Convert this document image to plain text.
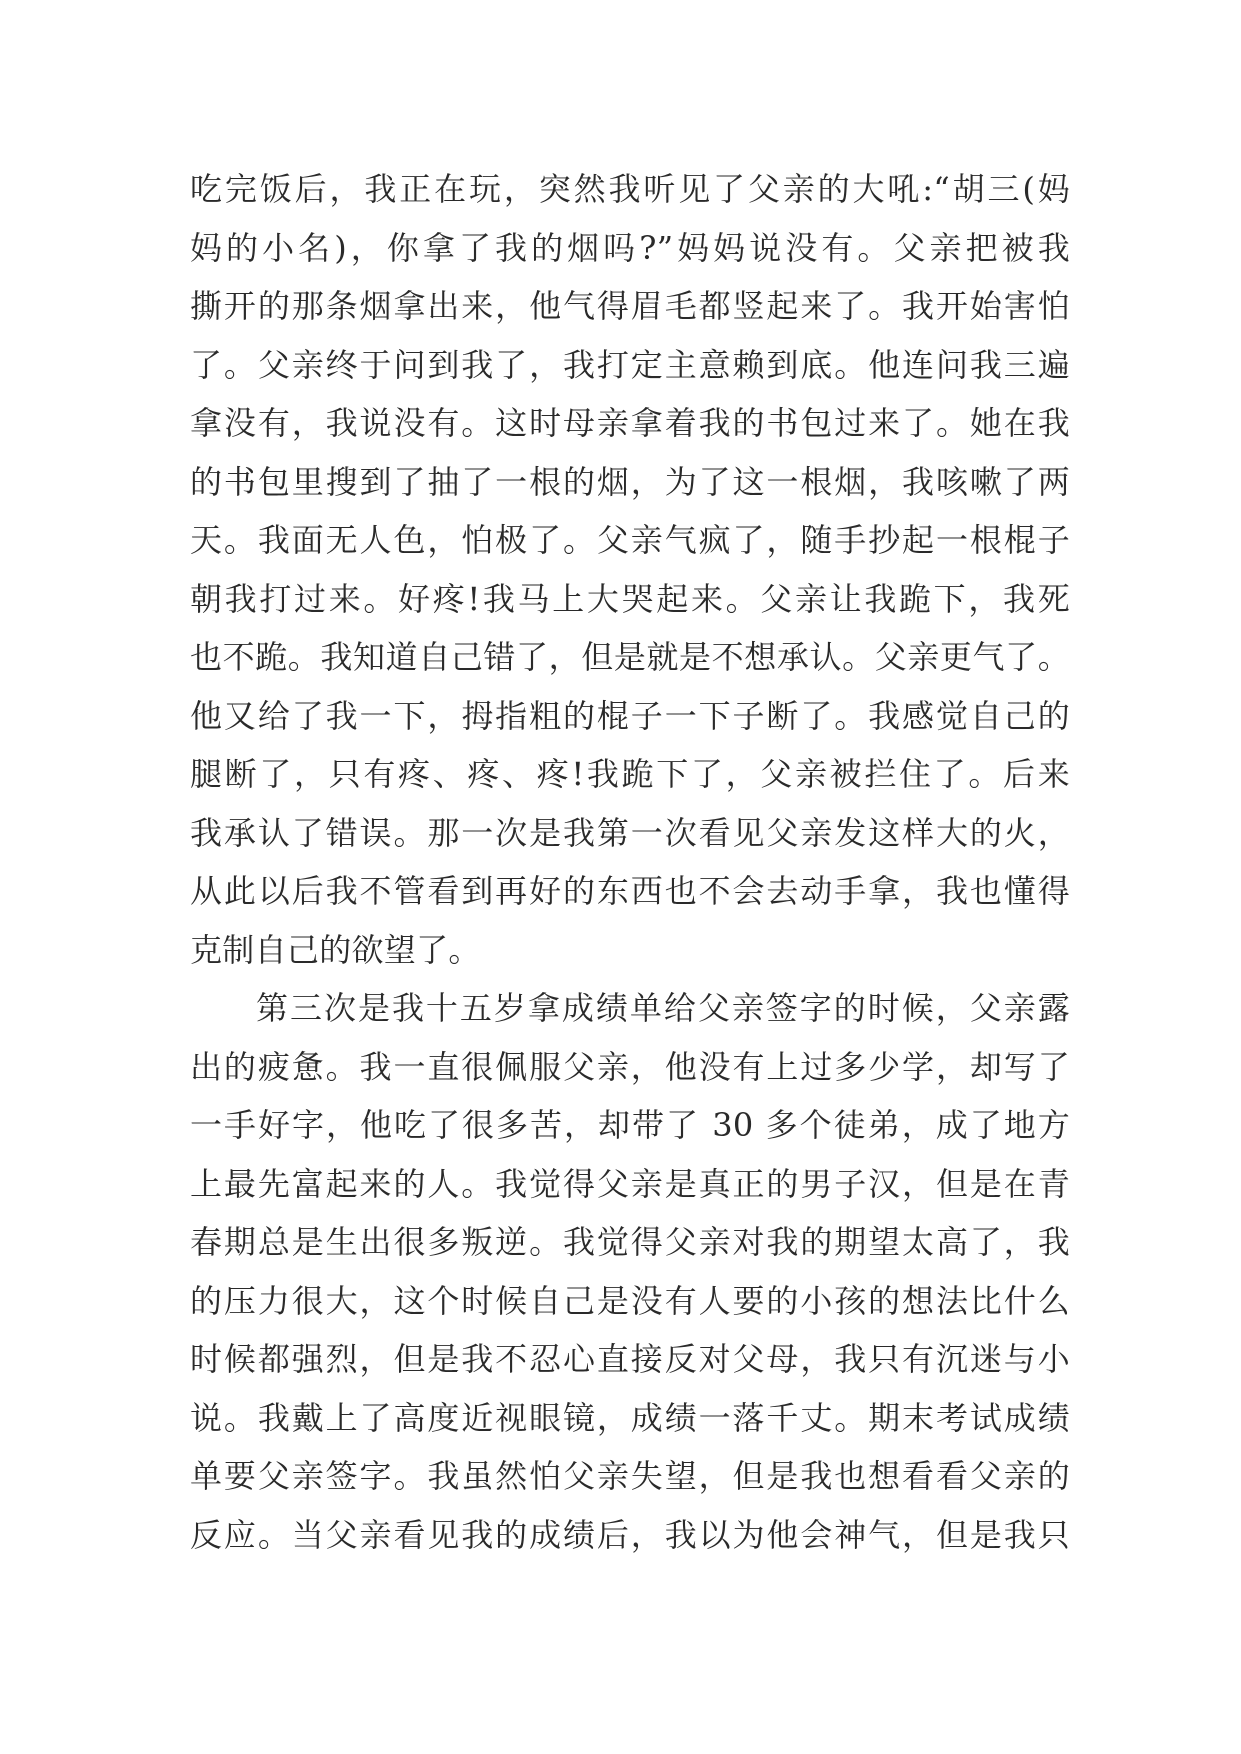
吃完饭后，我正在玩，突然我听见了父亲的大吼:“胡三(妈
妈的小名)，你拿了我的烟吗?”妈妈说没有。父亲把被我
撕开的那条烟拿出来，他气得眉毛都竖起来了。我开始害怕
了。父亲终于问到我了，我打定主意赖到底。他连问我三遍
拿没有，我说没有。这时母亲拿着我的书包过来了。她在我
的书包里搜到了抽了一根的烟，为了这一根烟，我咳嗽了两
天。我面无人色，怕极了。父亲气疯了，随手抄起一根棍子
朝我打过来。好疼!我马上大哭起来。父亲让我跪下，我死
也不跪。我知道自己错了，但是就是不想承认。父亲更气了。
他又给了我一下，拇指粗的棍子一下子断了。我感觉自己的
腿断了，只有疼、疼、疼!我跪下了，父亲被拦住了。后来
我承认了错误。那一次是我第一次看见父亲发这样大的火，
从此以后我不管看到再好的东西也不会去动手拿，我也懂得
克制自己的欲望了。
第三次是我十五岁拿成绩单给父亲签字的时候，父亲露
出的疲惫。我一直很佩服父亲，他没有上过多少学，却写了
一手好字，他吃了很多苦，却带了 30 多个徒弟，成了地方
上最先富起来的人。我觉得父亲是真正的男子汉，但是在青
春期总是生出很多叛逆。我觉得父亲对我的期望太高了，我
的压力很大，这个时候自己是没有人要的小孩的想法比什么
时候都强烈，但是我不忍心直接反对父母，我只有沉迷与小
说。我戴上了高度近视眼镜，成绩一落千丈。期末考试成绩
单要父亲签字。我虽然怕父亲失望，但是我也想看看父亲的
反应。当父亲看见我的成绩后，我以为他会神气，但是我只
